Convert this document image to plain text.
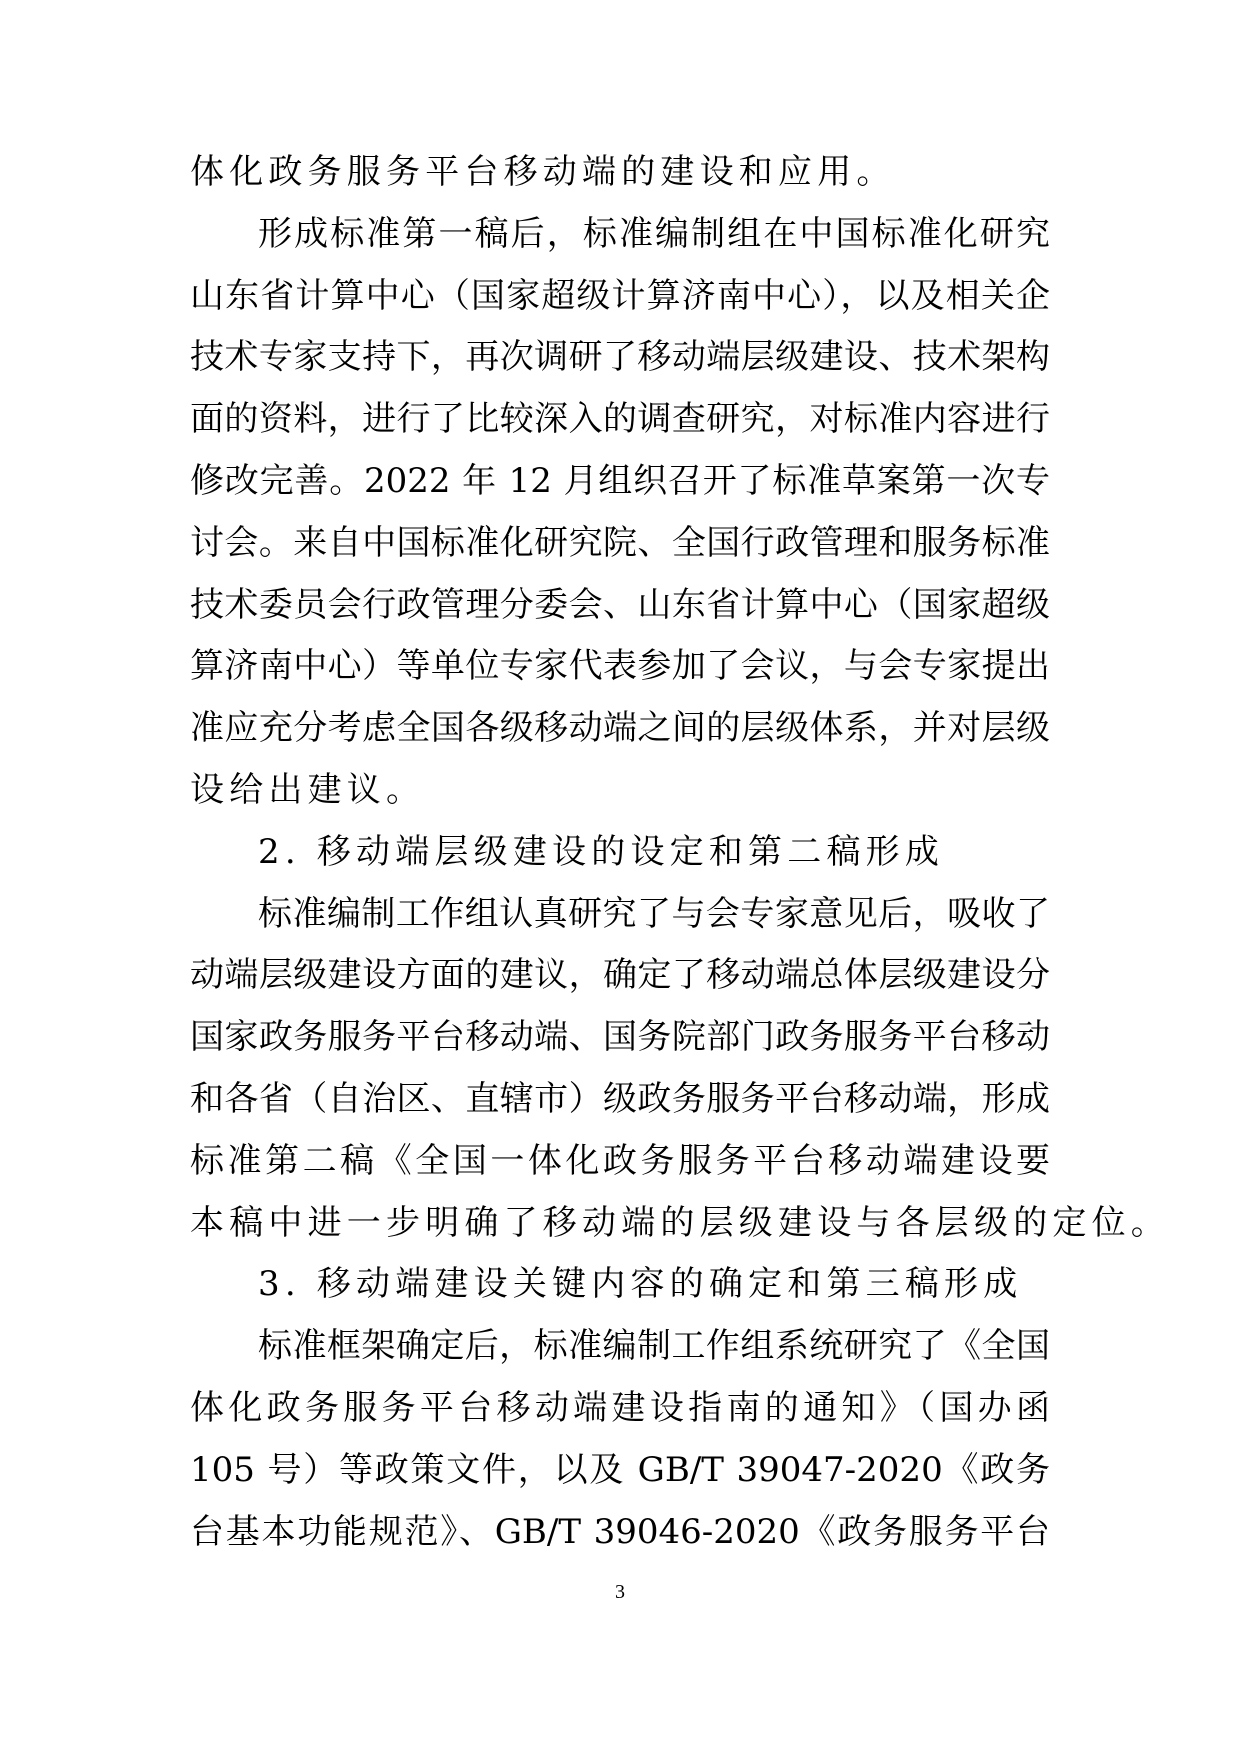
体化政务服务平台移动端的建设和应用。
形成标准第一稿后，标准编制组在中国标准化研究
山东省计算中心（国家超级计算济南中心），以及相关企
技术专家支持下，再次调研了移动端层级建设、技术架构
面的资料，进行了比较深入的调查研究，对标准内容进行
修改完善。2022 年 12 月组织召开了标准草案第一次专
讨会。来自中国标准化研究院、全国行政管理和服务标准
技术委员会行政管理分委会、山东省计算中心（国家超级
算济南中心）等单位专家代表参加了会议，与会专家提出
准应充分考虑全国各级移动端之间的层级体系，并对层级
设给出建议。
2. 移动端层级建设的设定和第二稿形成
标准编制工作组认真研究了与会专家意见后，吸收了
动端层级建设方面的建议，确定了移动端总体层级建设分
国家政务服务平台移动端、国务院部门政务服务平台移动
和各省（自治区、直辖市）级政务服务平台移动端，形成
标准第二稿《全国一体化政务服务平台移动端建设要
本稿中进一步明确了移动端的层级建设与各层级的定位。
3. 移动端建设关键内容的确定和第三稿形成
标准框架确定后，标准编制工作组系统研究了《全国
体化政务服务平台移动端建设指南的通知》（国办函
105 号）等政策文件，以及 GB/T 39047-2020《政务
台基本功能规范》、GB/T 39046-2020《政务服务平台
3
